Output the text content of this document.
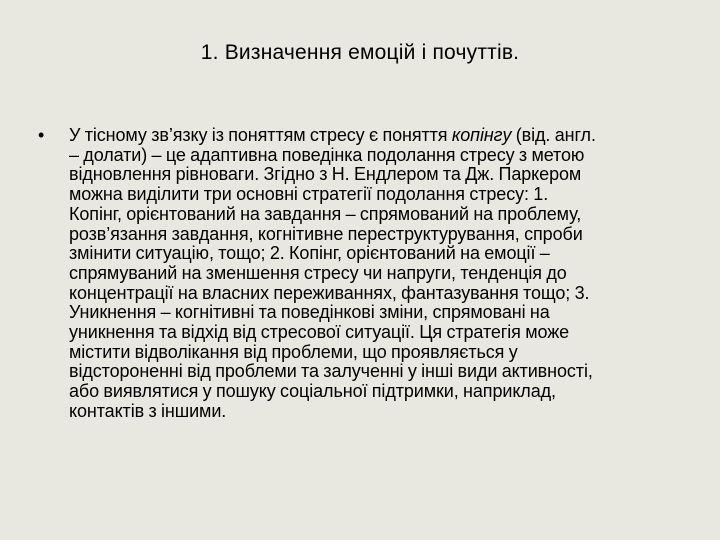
1. Визначення емоцій і почуттів.
• У тісному зв’язку із поняттям стресу є поняття копінгу (від. англ.
– долати) – це адаптивна поведінка подолання стресу з метою
відновлення рівноваги. Згідно з Н. Ендлером та Дж. Паркером
можна виділити три основні стратегії подолання стресу: 1.
Копінг, орієнтований на завдання – спрямований на проблему,
розв’язання завдання, когнітивне переструктурування, спроби
змінити ситуацію, тощо; 2. Копінг, орієнтований на емоції –
спрямуваний на зменшення стресу чи напруги, тенденція до
концентрації на власних переживаннях, фантазування тощо; 3.
Уникнення – когнітивні та поведінкові зміни, спрямовані на
уникнення та відхід від стресової ситуації. Ця стратегія може
містити відволікання від проблеми, що проявляється у
відстороненні від проблеми та залученні у інші види активності,
або виявлятися у пошуку соціальної підтримки, наприклад,
контактів з іншими.
